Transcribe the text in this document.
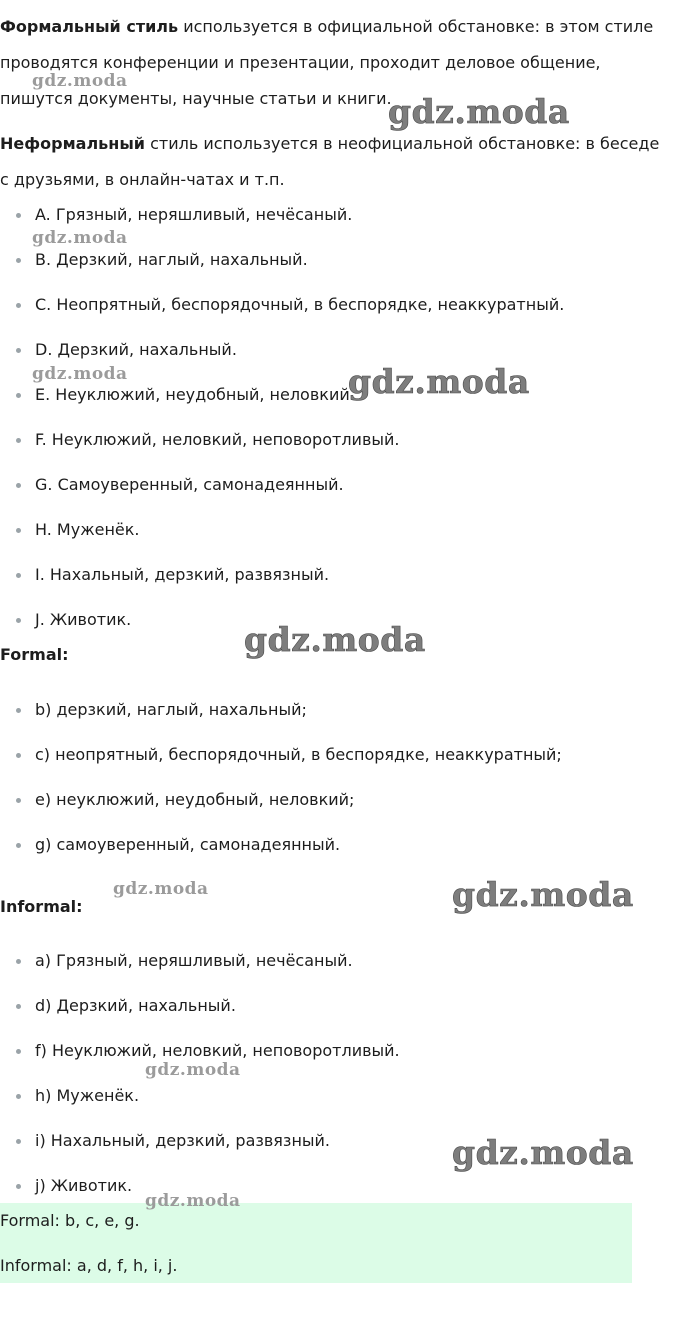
Формальный стиль используется в официальной обстановке: в этом стиле проводятся конференции и презентации, проходит деловое общение, пишутся документы, научные статьи и книги.

Неформальный стиль используется в неофициальной обстановке: в беседе с друзьями, в онлайн-чатах и т.п.

A. Грязный, неряшливый, нечёсаный.
B. Дерзкий, наглый, нахальный.
C. Неопрятный, беспорядочный, в беспорядке, неаккуратный.
D. Дерзкий, нахальный.
E. Неуклюжий, неудобный, неловкий.
F. Неуклюжий, неловкий, неповоротливый.
G. Самоуверенный, самонадеянный.
H. Муженёк.
I. Нахальный, дерзкий, развязный.
J. Животик.
Formal:
b) дерзкий, наглый, нахальный;
c) неопрятный, беспорядочный, в беспорядке, неаккуратный;
e) неуклюжий, неудобный, неловкий;
g) самоуверенный, самонадеянный.
Informal:
a) Грязный, неряшливый, нечёсаный.
d) Дерзкий, нахальный.
f) Неуклюжий, неловкий, неповоротливый.
h) Муженёк.
i) Нахальный, дерзкий, развязный.
j) Животик.
Formal: b, c, e, g.
Informal: a, d, f, h, i, j.
gdz.moda
gdz.moda
gdz.moda
gdz.moda	gdz.moda
gdz.moda
gdz.moda	gdz.moda
gdz.moda
gdz.moda
gdz.moda
